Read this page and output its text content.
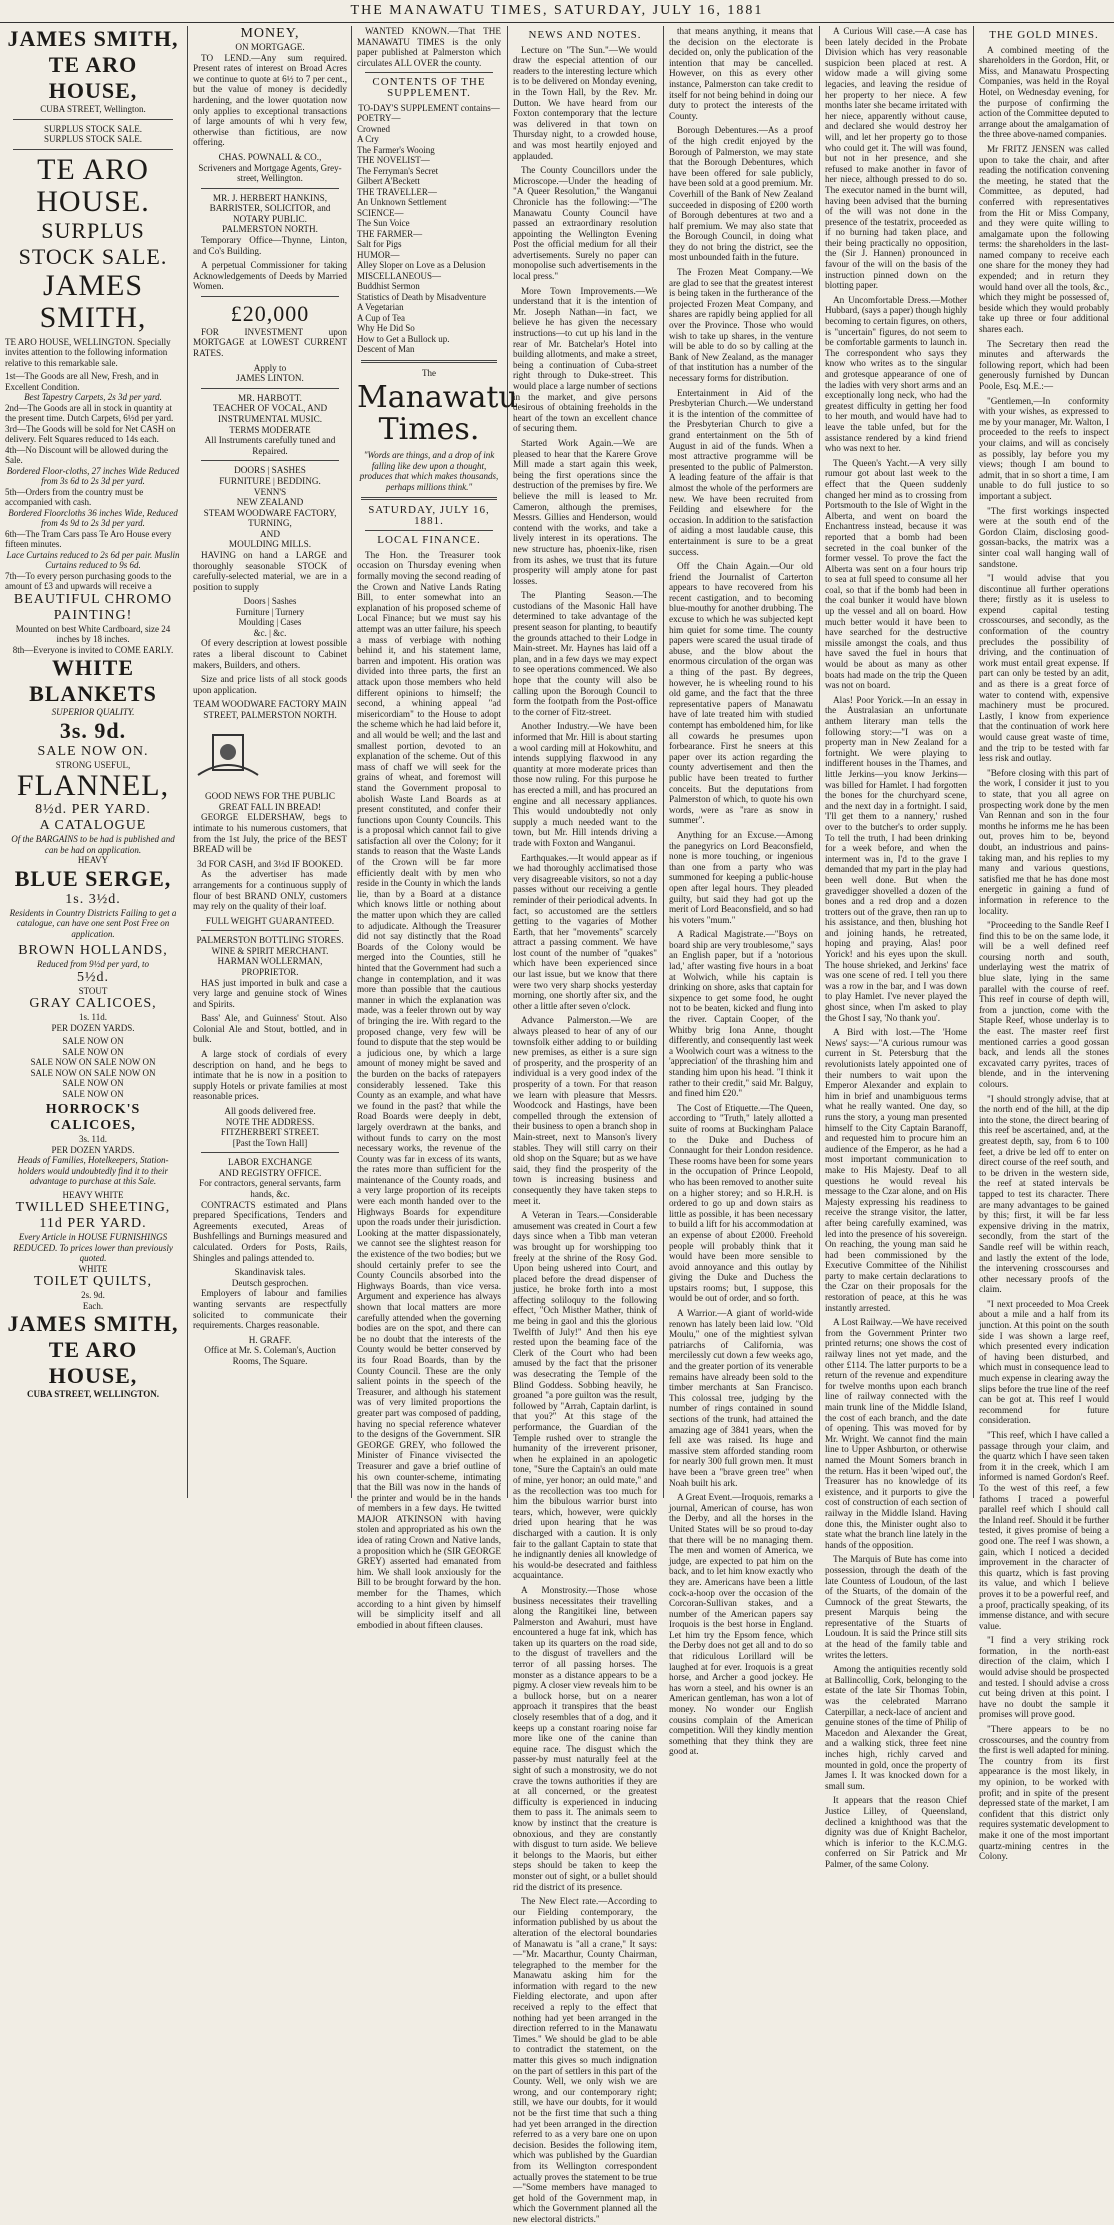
THE MANAWATU TIMES, SATURDAY, JULY 16, 1881
JAMES SMITH,
TE ARO HOUSE,
CUBA STREET, Wellington.
SURPLUS STOCK SALE.
SURPLUS STOCK SALE.
TE ARO HOUSE.
SURPLUS STOCK SALE.
JAMES SMITH,
TE ARO HOUSE, WELLINGTON. Specially invites attention to the following information relative to this remarkable sale.
1st—The Goods are all New, Fresh, and in Excellent Condition.
Best Tapestry Carpets, 2s 3d per yard.
2nd—The Goods are all in stock in quantity at the present time. Dutch Carpets, 6½d per yard.
3rd—The Goods will be sold for Net CASH on delivery. Felt Squares reduced to 14s each.
4th—No Discount will be allowed during the Sale.
Bordered Floor-cloths, 27 inches Wide Reduced from 3s 6d to 2s 3d per yard.
5th—Orders from the country must be accompanied with cash.
Bordered Floorcloths 36 inches Wide, Reduced from 4s 9d to 2s 3d per yard.
6th—The Tram Cars pass Te Aro House every fifteen minutes.
Lace Curtains reduced to 2s 6d per pair. Muslin Curtains reduced to 9s 6d.
7th—To every person purchasing goods to the amount of £3 and upwards will receive a
BEAUTIFUL CHROMO PAINTING!
Mounted on best White Cardboard, size 24 inches by 18 inches.
8th—Everyone is invited to COME EARLY.
WHITE BLANKETS
SUPERIOR QUALITY.
3s. 9d.
SALE NOW ON.
STRONG USEFUL,
FLANNEL,
8½d. PER YARD.
A CATALOGUE
Of the BARGAINS to be had is published and can be had on application.
HEAVY
BLUE SERGE,
1s. 3½d.
Residents in Country Districts Failing to get a catalogue, can have one sent Post Free on application.
BROWN HOLLANDS,
Reduced from 9½d per yard, to
5½d.
STOUT
GRAY CALICOES,
1s. 11d.
PER DOZEN YARDS.
SALE NOW ON
SALE NOW ON
SALE NOW ON SALE NOW ON
SALE NOW ON SALE NOW ON
SALE NOW ON
SALE NOW ON
HORROCK'S CALICOES,
3s. 11d.
PER DOZEN YARDS.
Heads of Families, Hotelkeepers, Station-holders would undoubtedly find it to their advantage to purchase at this Sale.
HEAVY WHITE
TWILLED SHEETING,
11d PER YARD.
Every Article in HOUSE FURNISHINGS REDUCED. To prices lower than previously quoted.
WHITE
TOILET QUILTS,
2s. 9d.
Each.
JAMES SMITH,
TE ARO HOUSE,
CUBA STREET, WELLINGTON.
MONEY,
ON MORTGAGE.

TO LEND.—Any sum required. Present rates of interest on Broad Acres we continue to quote at 6½ to 7 per cent., but the value of money is decidedly hardening, and the lower quotation now only applies to exceptional transactions of large amounts of whi h very few, otherwise than fictitious, are now offering.

CHAS. POWNALL & CO.,
Scriveners and Mortgage Agents, Grey-street, Wellington.
MR. J. HERBERT HANKINS,
BARRISTER, SOLICITOR, and NOTARY PUBLIC.
PALMERSTON NORTH.

Temporary Office—Thynne, Linton, and Co's Building.

A perpetual Commissioner for taking Acknowledgements of Deeds by Married Women.

£20,000

FOR INVESTMENT upon MORTGAGE at LOWEST CURRENT RATES.

Apply to
JAMES LINTON.
MR. HARBOTT.
TEACHER OF VOCAL, AND INSTRUMENTAL MUSIC.
TERMS MODERATE
All Instruments carefully tuned and Repaired.
DOORS | SASHES
FURNITURE | BEDDING.
VENN'S
NEW ZEALAND
STEAM WOODWARE FACTORY, TURNING,
AND
MOULDING MILLS.

HAVING on hand a LARGE and thoroughly seasonable STOCK of carefully-selected material, we are in a position to supply

Doors | Sashes
Furniture | Turnery
Moulding | Cases
&c. | &c.

Of every description at lowest possible rates a liberal discount to Cabinet makers, Builders, and others.

Size and price lists of all stock goods upon application.

TEAM WOODWARE FACTORY MAIN STREET, PALMERSTON NORTH.
GOOD NEWS FOR THE PUBLIC
GREAT FALL IN BREAD!

GEORGE ELDERSHAW, begs to intimate to his numerous customers, that from the 1st July, the price of the BEST BREAD will be

3d FOR CASH, and 3½d IF BOOKED.

As the advertiser has made arrangements for a continuous supply of flour of best BRAND ONLY, customers may rely on the quality of their loaf.

FULL WEIGHT GUARANTEED.
PALMERSTON BOTTLING STORES.
WINE & SPIRIT MERCHANT.
HARMAN WOLLERMAN,
PROPRIETOR.

HAS just imported in bulk and case a very large and genuine stock of Wines and Spirits.

Bass' Ale, and Guinness' Stout. Also Colonial Ale and Stout, bottled, and in bulk.

A large stock of cordials of every description on hand, and he begs to intimate that he is now in a position to supply Hotels or private families at most reasonable prices.

All goods delivered free.
NOTE THE ADDRESS.
FITZHERBERT STREET.
[Past the Town Hall]
LABOR EXCHANGE
AND REGISTRY OFFICE.
For contractors, general servants, farm hands, &c.

CONTRACTS estimated and Plans prepared Specifications, Tenders and Agreements executed, Areas of Bushfellings and Burnings measured and calculated. Orders for Posts, Rails, Shingles and palings attended to.

Skandinavisk tales.
Deutsch gesprochen.

Employers of labour and families wanting servants are respectfully solicited to communicate their requirements. Charges reasonable.

H. GRAFF.
Office at Mr. S. Coleman's, Auction Rooms, The Square.

WANTED KNOWN.—That THE MANAWATU TIMES is the only paper published at Palmerston which circulates ALL OVER the county.

CONTENTS OF THE SUPPLEMENT.
TO-DAY'S SUPPLEMENT contains—
POETRY—
Crowned
A Cry
The Farmer's Wooing
THE NOVELIST—
The Ferryman's Secret
Gilbert A'Beckett
THE TRAVELLER—
An Unknown Settlement
SCIENCE—
The Sun Voice
THE FARMER—
Salt for Pigs
HUMOR—
Alley Sloper on Love as a Delusion
MISCELLANEOUS—
Buddhist Sermon
Statistics of Death by Misadventure
A Vegetarian
A Cup of Tea
Why He Did So
How to Get a Bullock up.
Descent of Man
The
Manawatu Times.
"Words are things, and a drop of ink falling like dew upon a thought, produces that which makes thousands, perhaps millions think."
SATURDAY, JULY 16, 1881.
LOCAL FINANCE.

The Hon. the Treasurer took occasion on Thursday evening when formally moving the second reading of the Crown and Native Lands Rating Bill, to enter somewhat into an explanation of his proposed scheme of Local Finance; but we must say his attempt was an utter failure, his speech a mass of verbiage with nothing behind it, and his statement lame, barren and impotent. His oration was divided into three parts, the first an attack upon those members who held different opinions to himself; the second, a whining appeal "ad misericordiam" to the House to adopt the scheme which he had laid before it, and all would be well; and the last and smallest portion, devoted to an explanation of the scheme. Out of this mass of chaff we will seek for the grains of wheat, and foremost will stand the Government proposal to abolish Waste Land Boards as at present constituted, and confer their functions upon County Councils. This is a proposal which cannot fail to give satisfaction all over the Colony; for it stands to reason that the Waste Lands of the Crown will be far more efficiently dealt with by men who reside in the County in which the lands lie, than by a Board at a distance which knows little or nothing about the matter upon which they are called to adjudicate. Although the Treasurer did not say distinctly that the Road Boards of the Colony would be merged into the Counties, still he hinted that the Government had such a change in contemplation, and it was more than possible that the cautious manner in which the explanation was made, was a feeler thrown out by way of bringing the ire. With regard to the proposed change, very few will be found to dispute that the step would be a judicious one, by which a large amount of money might be saved and the burden on the backs of ratepayers considerably lessened. Take this County as an example, and what have we found in the past? that while the Road Boards were deeply in debt, largely overdrawn at the banks, and without funds to carry on the most necessary works, the revenue of the County was far in excess of its wants, the rates more than sufficient for the maintenance of the County roads, and a very large proportion of its receipts were each month handed over to the Highways Boards for expenditure upon the roads under their jurisdiction. Looking at the matter dispassionately, we cannot see the slightest reason for the existence of the two bodies; but we should certainly prefer to see the County Councils absorbed into the Highways Boards, than vice versa. Argument and experience has always shown that local matters are more carefully attended when the governing bodies are on the spot, and there can be no doubt that the interests of the County would be better conserved by its four Road Boards, than by the County Council. These are the only salient points in the speech of the Treasurer, and although his statement was of very limited proportions the greater part was composed of padding, having no special reference whatever to the designs of the Government. SIR GEORGE GREY, who followed the Minister of Finance vivisected the Treasurer and gave a brief outline of his own counter-scheme, intimating that the Bill was now in the hands of the printer and would be in the hands of members in a few days. He twitted MAJOR ATKINSON with having stolen and appropriated as his own the idea of rating Crown and Native lands, a proposition which he (SIR GEORGE GREY) asserted had emanated from him. We shall look anxiously for the Bill to be brought forward by the hon. member for the Thames, which according to a hint given by himself will be simplicity itself and all embodied in about fifteen clauses.

NEWS AND NOTES.

Lecture on "The Sun."—We would draw the especial attention of our readers to the interesting lecture which is to be delivered on Monday evening, in the Town Hall, by the Rev. Mr. Dutton. We have heard from our Foxton contemporary that the lecture was delivered in that town on Thursday night, to a crowded house, and was most heartily enjoyed and applauded.

The County Councillors under the Microscope.—Under the heading of "A Queer Resolution," the Wanganui Chronicle has the following:—"The Manawatu County Council have passed an extraordinary resolution appointing the Wellington Evening Post the official medium for all their advertisements. Surely no paper can monopolise such advertisements in the local press."

More Town Improvements.—We understand that it is the intention of Mr. Joseph Nathan—in fact, we believe he has given the necessary instructions—to cut up his land in the rear of Mr. Batchelar's Hotel into building allotments, and make a street, being a continuation of Cuba-street right through to Duke-street. This would place a large number of sections in the market, and give persons desirous of obtaining freeholds in the heart of the town an excellent chance of securing them.

Started Work Again.—We are pleased to hear that the Karere Grove Mill made a start again this week, being the first operations since the destruction of the premises by fire. We believe the mill is leased to Mr. Cameron, although the premises, Messrs. Gillies and Henderson, would contend with the works, and take a lively interest in its operations. The new structure has, phoenix-like, risen from its ashes, we trust that its future prosperity will amply atone for past losses.

The Planting Season.—The custodians of the Masonic Hall have determined to take advantage of the present season for planting, to beautify the grounds attached to their Lodge in Main-street. Mr. Haynes has laid off a plan, and in a few days we may expect to see operations commenced. We also hope that the county will also be calling upon the Borough Council to form the footpath from the Post-office to the corner of Fitz-street.

Another Industry.—We have been informed that Mr. Hill is about starting a wool carding mill at Hokowhitu, and intends supplying flaxwood in any quantity at more moderate prices than those now ruling. For this purpose he has erected a mill, and has procured an engine and all necessary appliances. This would undoubtedly not only supply a much needed want to the town, but Mr. Hill intends driving a trade with Foxton and Wanganui.

Earthquakes.—It would appear as if we had thoroughly acclimatised those very disagreeable visitors, so not a day passes without our receiving a gentle reminder of their periodical advents. In fact, so accustomed are the settlers getting to the vagaries of Mother Earth, that her "movements" scarcely attract a passing comment. We have lost count of the number of "quakes" which have been experienced since our last issue, but we know that there were two very sharp shocks yesterday morning, one shortly after six, and the other a little after seven o'clock.

Advance Palmerston.—We are always pleased to hear of any of our townsfolk either adding to or building new premises, as either is a sure sign of prosperity, and the prosperity of an individual is a very good index of the prosperity of a town. For that reason we learn with pleasure that Messrs. Woodcock and Hastings, have been compelled through the extension of their business to open a branch shop in Main-street, next to Manson's livery stables. They will still carry on their old shop on the Square; but as we have said, they find the prosperity of the town is increasing business and consequently they have taken steps to meet it.

A Veteran in Tears.—Considerable amusement was created in Court a few days since when a Tibb man veteran was brought up for worshipping too freely at the shrine of the Rosy God. Upon being ushered into Court, and placed before the dread dispenser of justice, he broke forth into a most affecting soliloquy to the following effect, "Och Misther Mather, think of me being in gaol and this the glorious Twelfth of July!" And then his eye rested upon the beaming face of the Clerk of the Court who had been amused by the fact that the prisoner was desecrating the Temple of the Blind Goddess. Sobbing heavily, he groaned "a pore guilton was the result, followed by "Arrah, Captain darlint, is that you?" At this stage of the performance, the Guardian of the Temple rushed over to strangle the humanity of the irreverent prisoner, when he explained in an apologetic tone, "Sure the Captain's an ould mate of mine, yer honor; an ould mate," and as the recollection was too much for him the bibulous warrior burst into tears, which, however, were quickly dried upon hearing that he was discharged with a caution. It is only fair to the gallant Captain to state that he indignantly denies all knowledge of his would-be desecrated and faithless acquaintance.

A Monstrosity.—Those whose business necessitates their travelling along the Rangitikei line, between Palmerston and Awahuri, must have encountered a huge fat ink, which has taken up its quarters on the road side, to the disgust of travellers and the terror of all passing horses. The monster as a distance appears to be a pigmy. A closer view reveals him to be a bullock horse, but on a nearer approach it transpires that the beast closely resembles that of a dog, and it keeps up a constant roaring noise far more like one of the canine than equine race. The disgust which the passer-by must naturally feel at the sight of such a monstrosity, we do not crave the towns authorities if they are at all concerned, or the greatest difficulty is experienced in inducing them to pass it. The animals seem to know by instinct that the creature is obnoxious, and they are constantly with disgust to turn aside. We believe it belongs to the Maoris, but either steps should be taken to keep the monster out of sight, or a bullet should rid the district of its presence.

The New Elect rate.—According to our Fielding contemporary, the information published by us about the alteration of the electoral boundaries of Manawatu is "all a crane," It says:—"Mr. Macarthur, County Chairman, telegraphed to the member for the Manawatu asking him for the information with regard to the new Fielding electorate, and upon after received a reply to the effect that nothing had yet been arranged in the direction referred to in the Manawatu Times." We should be glad to be able to contradict the statement, on the matter this gives so much indignation on the part of settlers in this part of the County. Well, we only wish we are wrong, and our contemporary right; still, we have our doubts, for it would not be the first time that such a thing had yet been arranged in the direction referred to as a very bare one on upon decision. Besides the following item, which was published by the Guardian from its Wellington correspondent actually proves the statement to be true—"Some members have managed to get hold of the Government map, in which the Government planned all the new electoral districts."

that means anything, it means that the decision on the electorate is decided on, only the publication of the intention that may be cancelled. However, on this as every other instance, Palmerston can take credit to itself for not being behind in doing our duty to protect the interests of the County.

Borough Debentures.—As a proof of the high credit enjoyed by the Borough of Palmerston, we may state that the Borough Debentures, which have been offered for sale publicly, have been sold at a good premium. Mr. Coverhill of the Bank of New Zealand succeeded in disposing of £200 worth of Borough debentures at two and a half premium. We may also state that the Borough Council, in doing what they do not bring the district, see the most unbounded faith in the future.

The Frozen Meat Company.—We are glad to see that the greatest interest is being taken in the furtherance of the projected Frozen Meat Company, and shares are rapidly being applied for all over the Province. Those who would wish to take up shares, in the venture will be able to do so by calling at the Bank of New Zealand, as the manager of that institution has a number of the necessary forms for distribution.

Entertainment in Aid of the Presbyterian Church.—We understand it is the intention of the committee of the Presbyterian Church to give a grand entertainment on the 5th of August in aid of the funds. When a most attractive programme will be presented to the public of Palmerston. A leading feature of the affair is that almost the whole of the performers are new. We have been recruited from Feilding and elsewhere for the occasion. In addition to the satisfaction of aiding a most laudable cause, this entertainment is sure to be a great success.

Off the Chain Again.—Our old friend the Journalist of Carterton appears to have recovered from his recent castigation, and to becoming blue-mouthy for another drubbing. The excuse to which he was subjected kept him quiet for some time. The county papers were scared the usual tirade of abuse, and the blow about the enormous circulation of the organ was a thing of the past. By degrees, however, he is wheeling round to his old game, and the fact that the three representative papers of Manawatu have of late treated him with studied contempt has emboldened him, for like all cowards he presumes upon forbearance. First he sneers at this paper over its action regarding the county advertisement and then the public have been treated to further conceits. But the deputations from Palmerston of which, to quote his own words, were as "rare as snow in summer".

Anything for an Excuse.—Among the panegyrics on Lord Beaconsfield, none is more touching, or ingenious than one from a party who was summoned for keeping a public-house open after legal hours. They pleaded guilty, but said they had got up the merit of Lord Beaconsfield, and so had his voters "mum."

A Radical Magistrate.—"Boys on board ship are very troublesome," says an English paper, but if a 'notorious lad,' after wasting five hours in a boat at Wolwich, while his captain is drinking on shore, asks that captain for sixpence to get some food, he ought not to be beaten, kicked and flung into the river. Captain Cooper, of the Whitby brig Iona Anne, thought differently, and consequently last week a Woolwich court was a witness to the 'appreciation' of the thrashing him and standing him upon his head. "I think it rather to their credit," said Mr. Balguy, and fined him £20."

The Cost of Etiquette.—The Queen, according to "Truth," lately allotted a suite of rooms at Buckingham Palace to the Duke and Duchess of Connaught for their London residence. These rooms have been for some years in the occupation of Prince Leopold, who has been removed to another suite on a higher storey; and so H.R.H. is ordered to go up and down stairs as little as possible, it has been necessary to build a lift for his accommodation at an expense of about £2000. Freehold people will probably think that it would have been more sensible to avoid annoyance and this outlay by giving the Duke and Duchess the upstairs rooms; but, I suppose, this would be out of order, and so forth.

A Warrior.—A giant of world-wide renown has lately been laid low. "Old Moulu," one of the mightiest sylvan patriarchs of California, was mercilessly cut down a few weeks ago, and the greater portion of its venerable remains have already been sold to the timber merchants at San Francisco. This colossal tree, judging by the number of rings contained in sound sections of the trunk, had attained the amazing age of 3841 years, when the fell axe was raised. Its huge and massive stem afforded standing room for nearly 300 full grown men. It must have been a "brave green tree" when Noah built his ark.

A Great Event.—Iroquois, remarks a journal, American of course, has won the Derby, and all the horses in the United States will be so proud to-day that there will be no managing them. The men and women of America, we judge, are expected to pat him on the back, and to let him know exactly who they are. Americans have been a little cock-a-hoop over the occasion of the Corcoran-Sullivan stakes, and a number of the American papers say Iroquois is the best horse in England. Let him try the Epsom fence, which the Derby does not get all and to do so that ridiculous Lorillard will be laughed at for ever. Iroquois is a great horse, and Archer a good jockey. He has worn a steel, and his owner is an American gentleman, has won a lot of money. No wonder our English cousins complain of the American competition. Will they kindly mention something that they think they are good at.

A Curious Will case.—A case has been lately decided in the Probate Division which has very reasonable suspicion been placed at rest. A widow made a will giving some legacies, and leaving the residue of her property to her niece. A few months later she became irritated with her niece, apparently without cause, and declared she would destroy her will, and let her property go to those who could get it. The will was found, but not in her presence, and she refused to make another in favor of her niece, although pressed to do so. The executor named in the burnt will, having been advised that the burning of the will was not done in the presence of the testatrix, proceeded as if no burning had taken place, and their being practically no opposition, the (Sir J. Hannen) pronounced in favour of the will on the basis of the instruction pinned down on the blotting paper.

An Uncomfortable Dress.—Mother Hubbard, (says a paper) though highly becoming to certain figures, on others, is "uncertain" figures, do not seem to be comfortable garments to launch in. The correspondent who says they know who writes as to the singular and grotesque appearance of one of the ladies with very short arms and an exceptionally long neck, who had the greatest difficulty in getting her food to her mouth, and would have had to leave the table unfed, but for the assistance rendered by a kind friend who was next to her.

The Queen's Yacht.—A very silly rumour got about last week to the effect that the Queen suddenly changed her mind as to crossing from Portsmouth to the Isle of Wight in the Alberta, and went on board the Enchantress instead, because it was reported that a bomb had been secreted in the coal bunker of the former vessel. To prove the fact the Alberta was sent on a four hours trip to sea at full speed to consume all her coal, so that if the bomb had been in the coal bunker it would have blown up the vessel and all on board. How much better would it have been to have searched for the destructive missile amongst the coals, and thus have saved the fuel in hours that would be about as many as other boats had made on the trip the Queen was not on board.

Alas! Poor Yorick.—In an essay in the Australasian an unfortunate anthem literary man tells the following story:—"I was on a property man in New Zealand for a fortnight. We were playing to indifferent houses in the Thames, and little Jerkins—you know Jerkins—was billed for Hamlet. I had forgotten the bones for the churchyard scene, and the next day in a fortnight. I said, 'I'll get them to a nannery,' rushed over to the butcher's to order supply. To tell the truth, I had been drinking for a week before, and when the interment was in, I'd to the grave I demanded that my part in the play had been well done. But when the gravedigger shovelled a dozen of the bones and a red drop and a dozen trotters out of the grave, then ran up to his assistance, and then, blushing hot and joining hands, he retreated, hoping and praying, Alas! poor Yorick! and his eyes upon the skull. The house shrieked, and Jerkins' face was one scene of red. I tell you there was a row in the bar, and I was down to play Hamlet. I've never played the ghost since, when I'm asked to play the Ghost I say, 'No thank you'.

A Bird with lost.—The 'Home News' says:—"A curious rumour was current in St. Petersburg that the revolutionists lately appointed one of their numbers to wait upon the Emperor Alexander and explain to him in brief and unambiguous terms what he really wanted. One day, so runs the story, a young man presented himself to the City Captain Baranoff, and requested him to procure him an audience of the Emperor, as he had a most important communication to make to His Majesty. Deaf to all questions he would reveal his message to the Czar alone, and on His Majesty expressing his readiness to receive the strange visitor, the latter, after being carefully examined, was led into the presence of his sovereign. On reaching, the young man said he had been commissioned by the Executive Committee of the Nihilist party to make certain declarations to the Czar on their proposals for the restoration of peace, at this he was instantly arrested.

A Lost Railway.—We have received from the Government Printer two printed returns; one shows the cost of railway lines not yet made, and the other £114. The latter purports to be a return of the revenue and expenditure for twelve months upon each branch line of railway connected with the main trunk line of the Middle Island, the cost of each branch, and the date of opening. This was moved for by Mr. Wright. We cannot find the main line to Upper Ashburton, or otherwise named the Mount Somers branch in the return. Has it been 'wiped out', the Treasurer has no knowledge of its existence, and it purports to give the cost of construction of each section of railway in the Middle Island. Having done this, the Minister ought also to state what the branch line lately in the hands of the opposition.

The Marquis of Bute has come into possession, through the death of the late Countess of Loudoun, of the last of the Stuarts, of the domain of the Cumnock of the great Stewarts, the present Marquis being the representative of the Stuarts of Loudoun. It is said the Prince still sits at the head of the family table and writes the letters.

Among the antiquities recently sold at Ballincollig, Cork, belonging to the estate of the late Sir Thomas Tobin, was the celebrated Marrano Caterpillar, a neck-lace of ancient and genuine stones of the time of Philip of Macedon and Alexander the Great, and a walking stick, three feet nine inches high, richly carved and mounted in gold, once the property of James I. It was knocked down for a small sum.

It appears that the reason Chief Justice Lilley, of Queensland, declined a knighthood was that the dignity was due of Knight Bachelor, which is inferior to the K.C.M.G. conferred on Sir Patrick and Mr Palmer, of the same Colony.

THE GOLD MINES.

A combined meeting of the shareholders in the Gordon, Hit, or Miss, and Manawatu Prospecting Companies, was held in the Royal Hotel, on Wednesday evening, for the purpose of confirming the action of the Committee deputed to arrange about the amalgamation of the three above-named companies.

Mr FRITZ JENSEN was called upon to take the chair, and after reading the notification convening the meeting, he stated that the Committee, as deputed, had conferred with representatives from the Hit or Miss Company, and they were quite willing to amalgamate upon the following terms: the shareholders in the last-named company to receive each one share for the money they had expended; and in return they would hand over all the tools, &c., which they might be possessed of, beside which they would probably take up three or four additional shares each.

The Secretary then read the minutes and afterwards the following report, which had been generously furnished by Duncan Poole, Esq. M.E.:—

"Gentlemen,—In conformity with your wishes, as expressed to me by your manager, Mr. Walton, I proceeded to the reefs to inspect your claims, and will as concisely as possibly, lay before you my views; though I am bound to admit, that in so short a time, I am unable to do full justice to so important a subject.

"The first workings inspected were at the south end of the Gordon Claim, disclosing good-gossan-backs, the matrix was a sinter coal wall hanging wall of sandstone.

"I would advise that you discontinue all further operations there; firstly as it is useless to expend capital testing crosscourses, and secondly, as the conformation of the country precludes the possibility of driving, and the continuation of work must entail great expense. If part can only be tested by an adit, and as there is a great force of water to contend with, expensive machinery must be procured. Lastly, I know from experience that the continuation of work here would cause great waste of time, and the trip to be tested with far less risk and outlay.

"Before closing with this part of the work, I consider it just to you to state, that you all agree on prospecting work done by the men Van Rennan and son in the four months he informs me he has been out, proves him to be, beyond doubt, an industrious and pains-taking man, and his replies to my many and various questions, satisfied me that he has done most energetic in gaining a fund of information in reference to the locality.

"Proceeding to the Sandle Reef I find this to be on the same lode, it will be a well defined reef coursing north and south, underlaying west the matrix of blue slate, lying in the same parallel with the course of reef. This reef in course of depth will, from a junction, come with the Staple Reef, whose underlay is to the east. The master reef first mentioned carries a good gossan back, and lends all the stones excavated carry pyrites, traces of blende, and in the intervening colours.

"I should strongly advise, that at the north end of the hill, at the dip into the stone, the direct bearing of this reef be ascertained, and, at the greatest depth, say, from 6 to 100 feet, a drive be led off to enter on direct course of the reef south, and to be driven in the western side, the reef at stated intervals be tapped to test its character. There are many advantages to be gained by this; first, it will be far less expensive driving in the matrix, secondly, from the start of the Sandle reef will be within reach, and lastly the extent of the lode, the intervening crosscourses and other necessary proofs of the claim.

"I next proceeded to Moa Creek about a mile and a half from its junction. At this point on the south side I was shown a large reef, which presented every indication of having been disturbed, and which must in consequence lead to much expense in clearing away the slips before the true line of the reef can be got at. This reef I would recommend for future consideration.

"This reef, which I have called a passage through your claim, and the quartz which I have seen taken from it in the creek, which I am informed is named Gordon's Reef. To the west of this reef, a few fathoms I traced a powerful parallel reef which I should call the Inland reef. Should it be further tested, it gives promise of being a good one. The reef I was shown, a gain, which I noticed a decided improvement in the character of this quartz, which is fast proving its value, and which I believe proves it to be a powerful reef, and a proof, practically speaking, of its immense distance, and with secure value.

"I find a very striking rock formation, in the north-east direction of the claim, which I would advise should be prospected and tested. I should advise a cross cut being driven at this point. I have no doubt the sample it promises will prove good.

"There appears to be no crosscourses, and the country from the first is well adapted for mining. The country from its first appearance is the most likely, in my opinion, to be worked with profit; and in spite of the present depressed state of the market, I am confident that this district only requires systematic development to make it one of the most important quartz-mining centres in the Colony.
